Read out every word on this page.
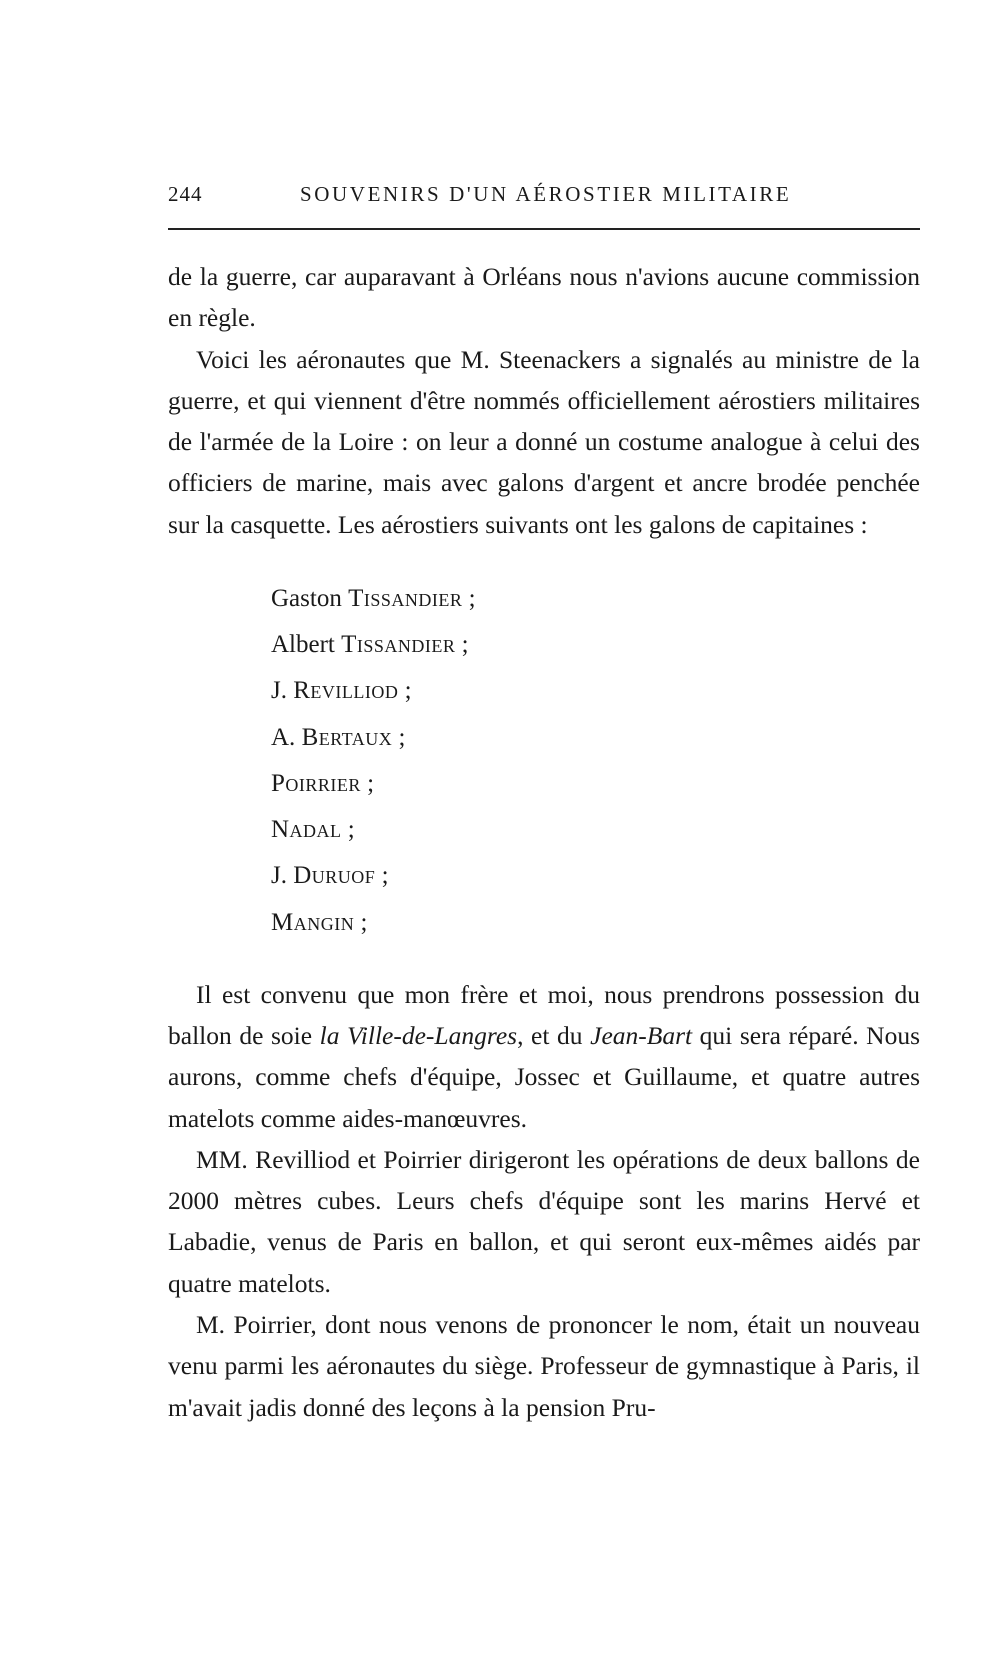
244	SOUVENIRS D'UN AÉROSTIER MILITAIRE

de la guerre, car auparavant à Orléans nous n'avions aucune commission en règle.

Voici les aéronautes que M. Steenackers a signalés au ministre de la guerre, et qui viennent d'être nommés officiellement aérostiers militaires de l'armée de la Loire : on leur a donné un costume analogue à celui des officiers de marine, mais avec galons d'argent et ancre brodée penchée sur la casquette. Les aérostiers suivants ont les galons de capitaines :

Gaston Tissandier ;
Albert Tissandier ;
J. Revilliod ;
A. Bertaux ;
Poirrier ;
Nadal ;
J. Duruof ;
Mangin ;

Il est convenu que mon frère et moi, nous prendrons possession du ballon de soie la Ville-de-Langres, et du Jean-Bart qui sera réparé. Nous aurons, comme chefs d'équipe, Jossec et Guillaume, et quatre autres matelots comme aides-manœuvres.

MM. Revilliod et Poirrier dirigeront les opérations de deux ballons de 2000 mètres cubes. Leurs chefs d'équipe sont les marins Hervé et Labadie, venus de Paris en ballon, et qui seront eux-mêmes aidés par quatre matelots.

M. Poirrier, dont nous venons de prononcer le nom, était un nouveau venu parmi les aéronautes du siège. Professeur de gymnastique à Paris, il m'avait jadis donné des leçons à la pension Pru-
